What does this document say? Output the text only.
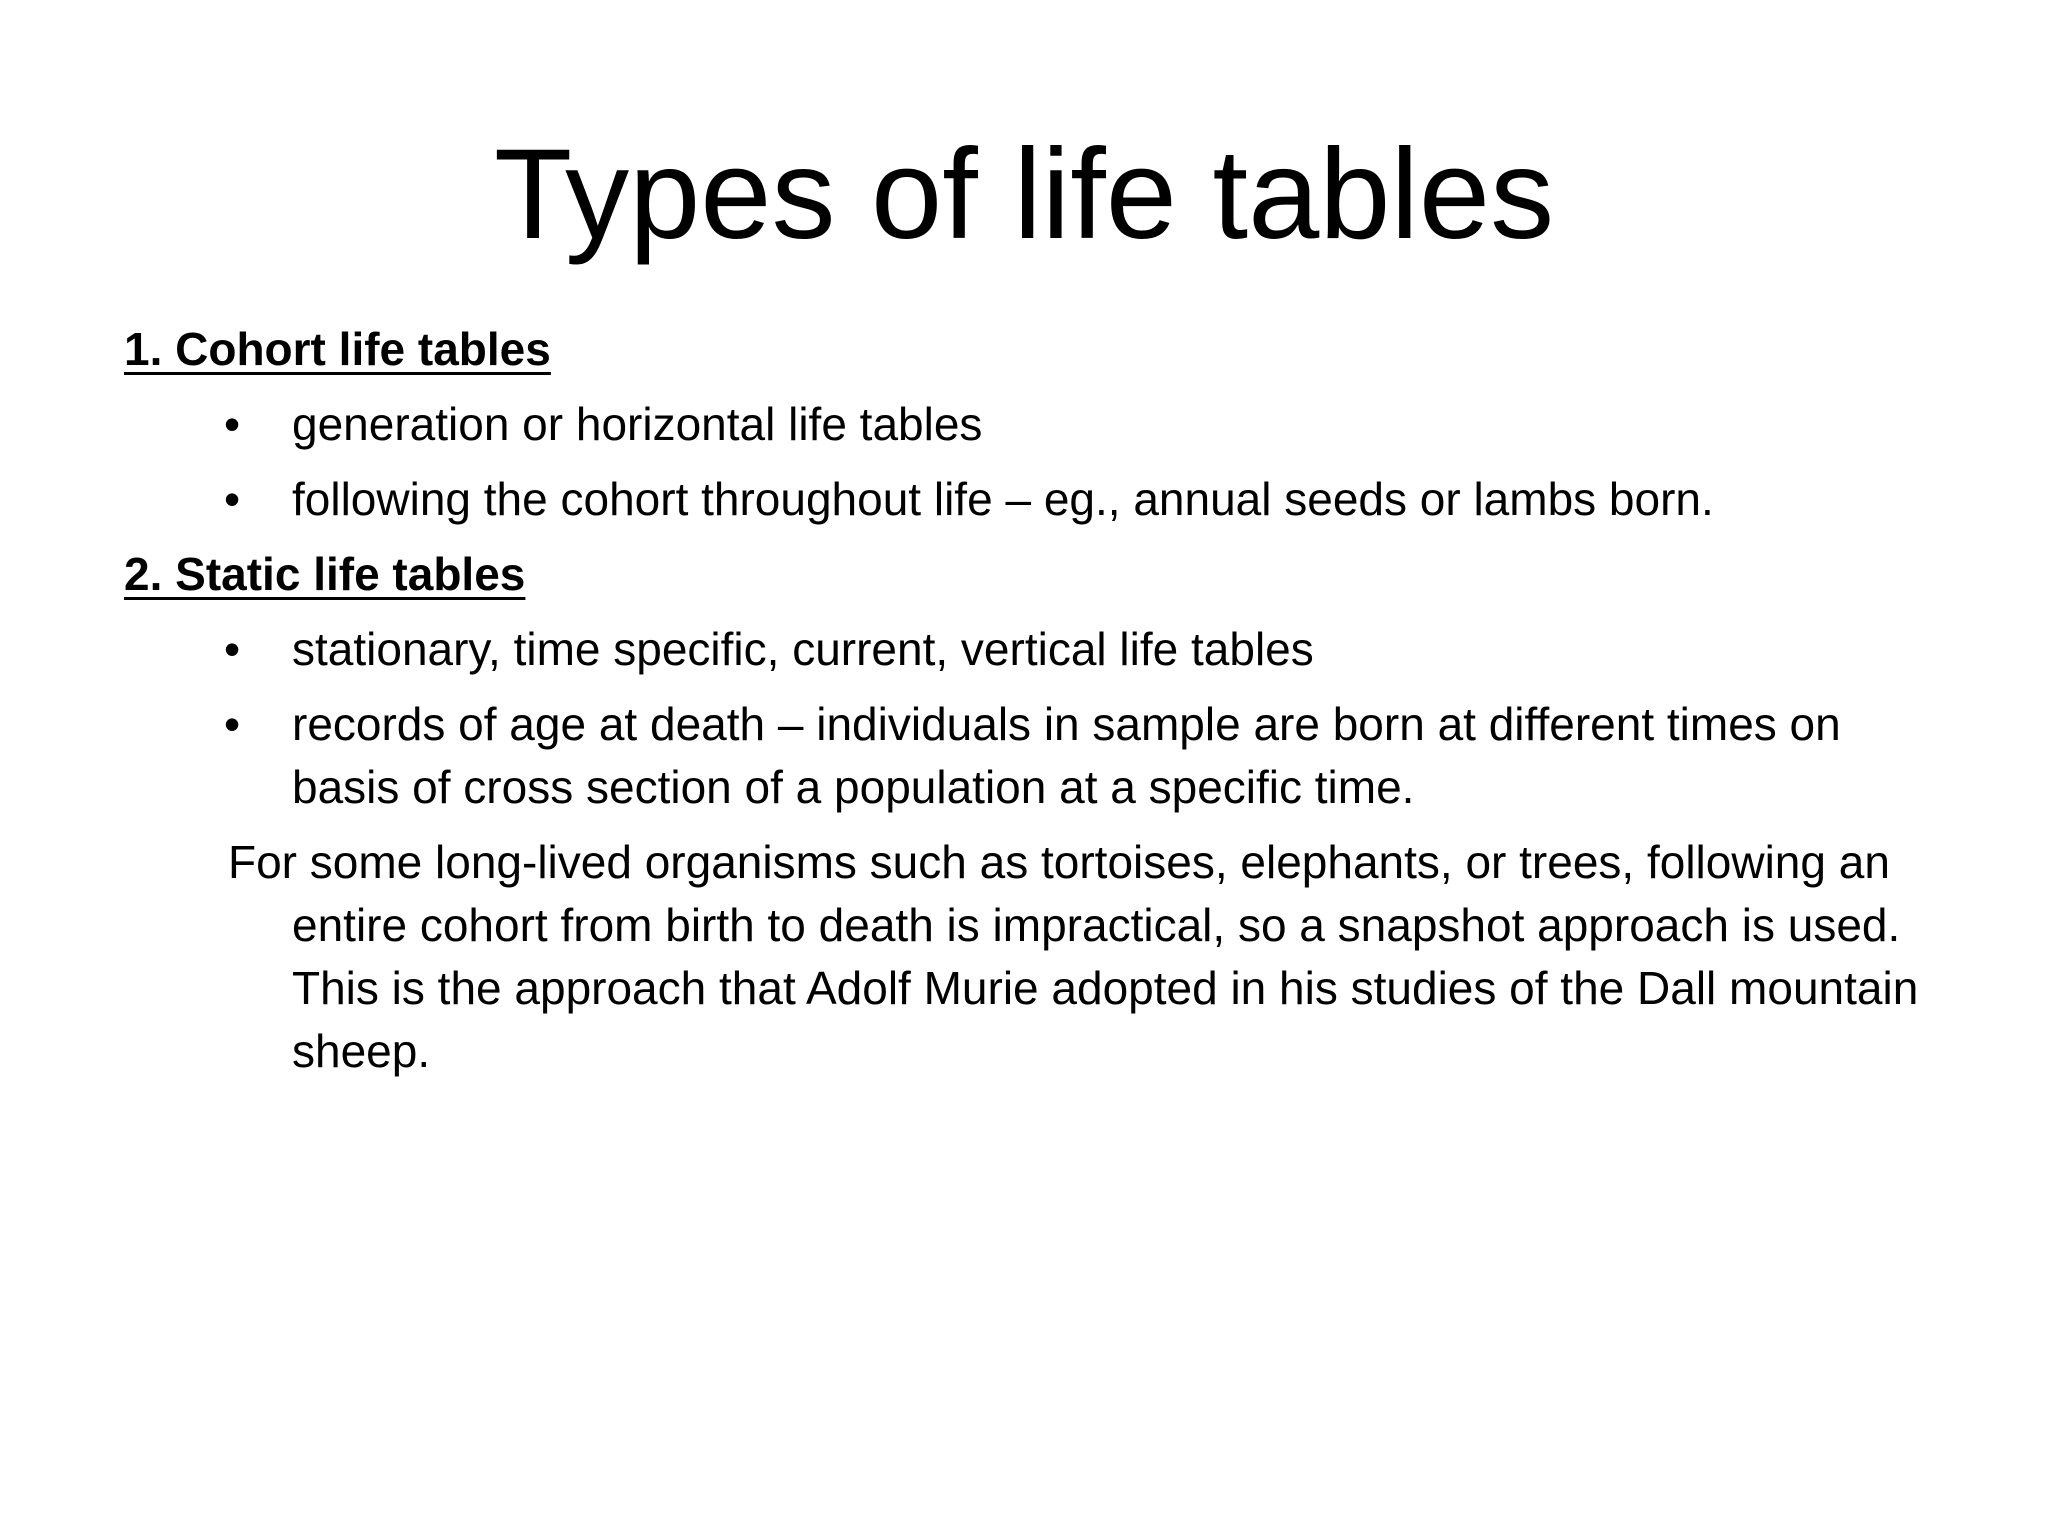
Types of life tables
1. Cohort life tables
• generation or horizontal life tables
• following the cohort throughout life – eg., annual seeds or lambs born.
2. Static life tables
• stationary, time specific, current, vertical life tables
• records of age at death – individuals in sample are born at different times on basis of cross section of a population at a specific time.

For some long-lived organisms such as tortoises, elephants, or trees, following an entire cohort from birth to death is impractical, so a snapshot approach is used. This is the approach that Adolf Murie adopted in his studies of the Dall mountain sheep.
